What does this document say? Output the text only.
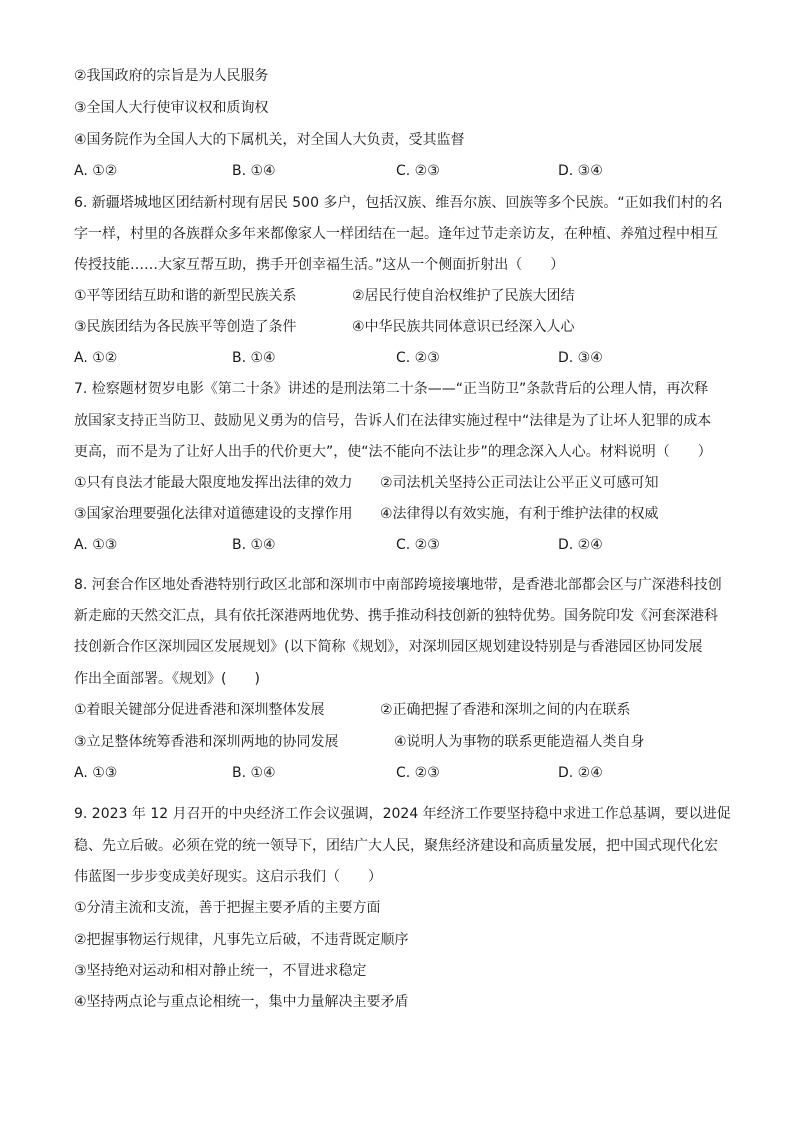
②我国政府的宗旨是为人民服务
③全国人大行使审议权和质询权
④国务院作为全国人大的下属机关，对全国人大负责，受其监督
A. ①②	B. ①④	C. ②③	D. ③④
6. 新疆塔城地区团结新村现有居民 500 多户，包括汉族、维吾尔族、回族等多个民族。“正如我们村的名
字一样，村里的各族群众多年来都像家人一样团结在一起。逢年过节走亲访友，在种植、养殖过程中相互
传授技能……大家互帮互助，携手开创幸福生活。”这从一个侧面折射出（　　）
①平等团结互助和谐的新型民族关系	②居民行使自治权维护了民族大团结
③民族团结为各民族平等创造了条件	④中华民族共同体意识已经深入人心
A. ①②	B. ①④	C. ②③	D. ③④
7. 检察题材贺岁电影《第二十条》讲述的是刑法第二十条——“正当防卫”条款背后的公理人情，再次释
放国家支持正当防卫、鼓励见义勇为的信号，告诉人们在法律实施过程中“法律是为了让坏人犯罪的成本
更高，而不是为了让好人出手的代价更大”，使“法不能向不法让步”的理念深入人心。材料说明（　　）
①只有良法才能最大限度地发挥出法律的效力 ②司法机关坚持公正司法让公平正义可感可知
③国家治理要强化法律对道德建设的支撑作用 ④法律得以有效实施，有利于维护法律的权威
A. ①③	B. ①④	C. ②③	D. ②④
8. 河套合作区地处香港特别行政区北部和深圳市中南部跨境接壤地带，是香港北部都会区与广深港科技创
新走廊的天然交汇点，具有依托深港两地优势、携手推动科技创新的独特优势。国务院印发《河套深港科
技创新合作区深圳园区发展规划》(以下简称《规划》，对深圳园区规划建设特别是与香港园区协同发展
作出全面部署。《规划》(　　)
①着眼关键部分促进香港和深圳整体发展	②正确把握了香港和深圳之间的内在联系
③立足整体统筹香港和深圳两地的协同发展	④说明人为事物的联系更能造福人类自身
A. ①③	B. ①④	C. ②③	D. ②④
9. 2023 年 12 月召开的中央经济工作会议强调，2024 年经济工作要坚持稳中求进工作总基调，要以进促
稳、先立后破。必须在党的统一领导下，团结广大人民，聚焦经济建设和高质量发展，把中国式现代化宏
伟蓝图一步步变成美好现实。这启示我们（　　）
①分清主流和支流，善于把握主要矛盾的主要方面
②把握事物运行规律，凡事先立后破，不违背既定顺序
③坚持绝对运动和相对静止统一，不冒进求稳定
④坚持两点论与重点论相统一，集中力量解决主要矛盾
